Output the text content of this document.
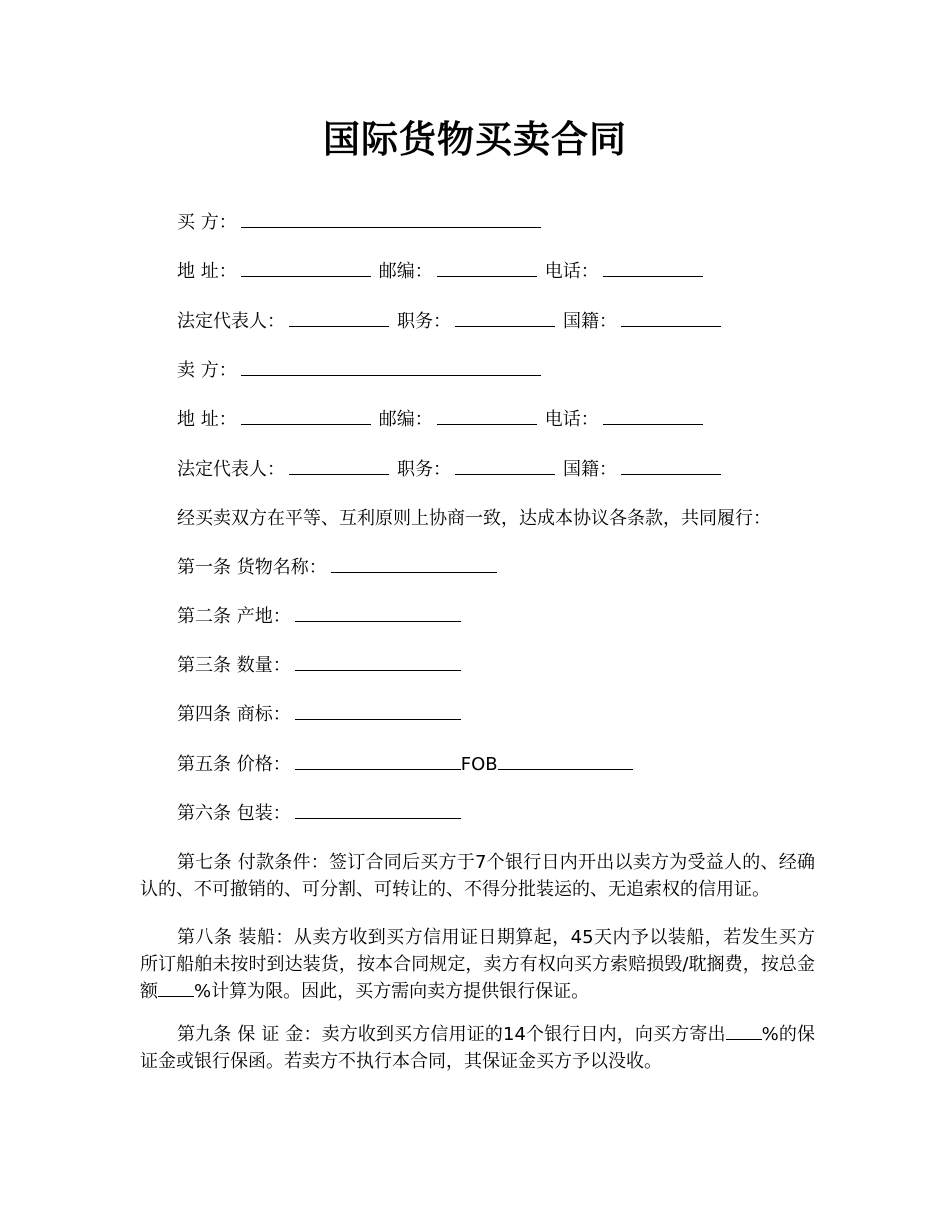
国际货物买卖合同
买 方：
地 址：	邮编：	电话：
法定代表人：	职务：	国籍：
卖 方：
地 址：	邮编：	电话：
法定代表人：	职务：	国籍：
经买卖双方在平等、互利原则上协商一致，达成本协议各条款，共同履行：
第一条 货物名称：
第二条 产地：
第三条 数量：
第四条 商标：
第五条 价格：	FOB
第六条 包装：
第七条 付款条件：签订合同后买方于7个银行日内开出以卖方为受益人的、经确认的、不可撤销的、可分割、可转让的、不得分批装运的、无追索权的信用证。
第八条 装船：从卖方收到买方信用证日期算起，45天内予以装船，若发生买方所订船舶未按时到达装货，按本合同规定，卖方有权向买方索赔损毁/耽搁费，按总金额 %计算为限。因此，买方需向卖方提供银行保证。
第九条 保 证 金：卖方收到买方信用证的14个银行日内，向买方寄出 %的保证金或银行保函。若卖方不执行本合同，其保证金买方予以没收。
